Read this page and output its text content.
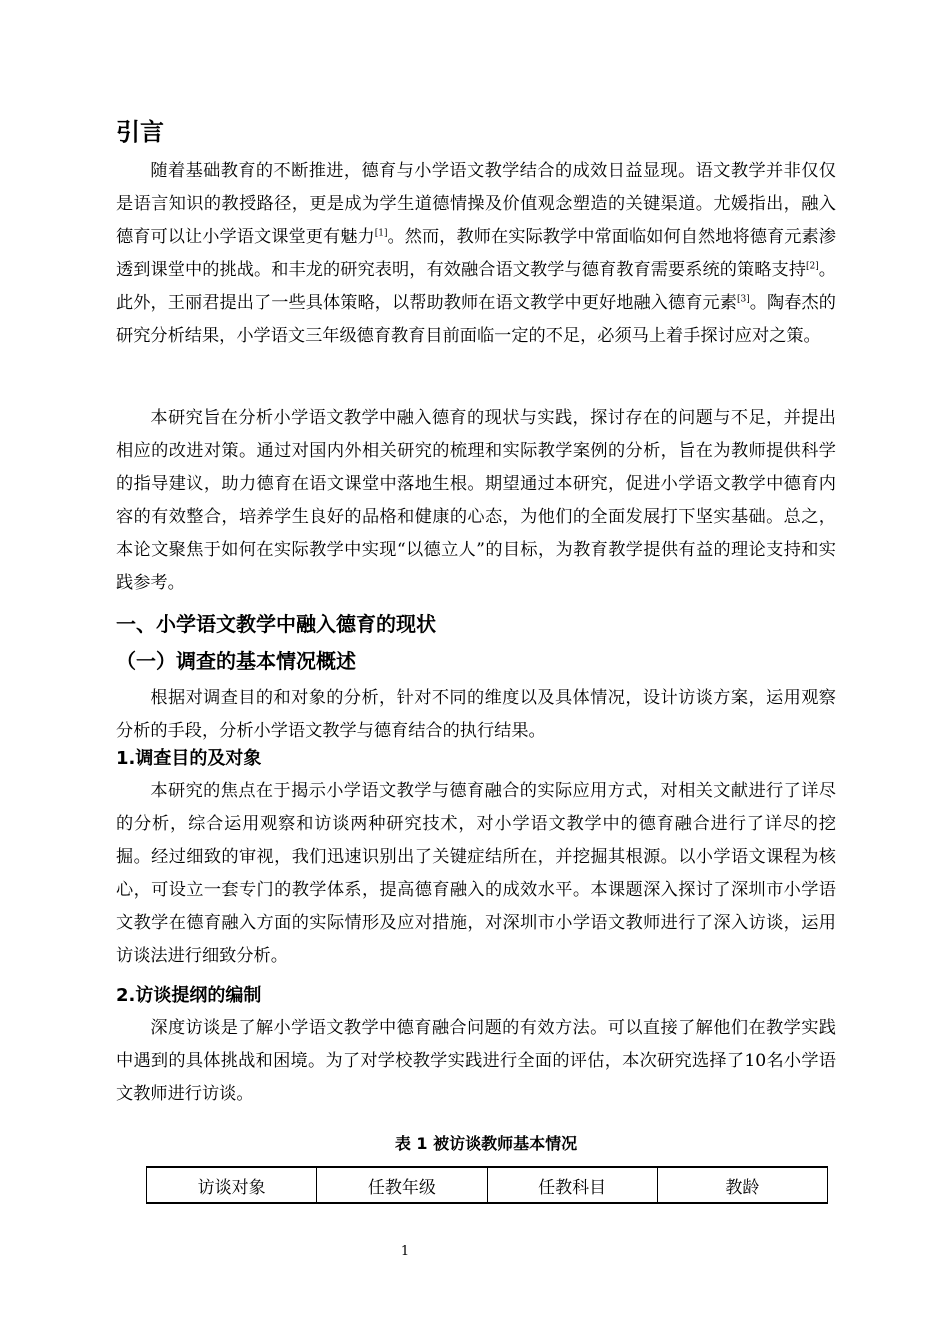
引言
随着基础教育的不断推进，德育与小学语文教学结合的成效日益显现。语文教学并非仅仅是语言知识的教授路径，更是成为学生道德情操及价值观念塑造的关键渠道。尤媛指出，融入德育可以让小学语文课堂更有魅力[1]。然而，教师在实际教学中常面临如何自然地将德育元素渗透到课堂中的挑战。和丰龙的研究表明，有效融合语文教学与德育教育需要系统的策略支持[2]。此外，王丽君提出了一些具体策略，以帮助教师在语文教学中更好地融入德育元素[3]。陶春杰的研究分析结果，小学语文三年级德育教育目前面临一定的不足，必须马上着手探讨应对之策。
本研究旨在分析小学语文教学中融入德育的现状与实践，探讨存在的问题与不足，并提出相应的改进对策。通过对国内外相关研究的梳理和实际教学案例的分析，旨在为教师提供科学的指导建议，助力德育在语文课堂中落地生根。期望通过本研究，促进小学语文教学中德育内容的有效整合，培养学生良好的品格和健康的心态，为他们的全面发展打下坚实基础。总之，本论文聚焦于如何在实际教学中实现“以德立人”的目标，为教育教学提供有益的理论支持和实践参考。
一、小学语文教学中融入德育的现状
（一）调查的基本情况概述
根据对调查目的和对象的分析，针对不同的维度以及具体情况，设计访谈方案，运用观察分析的手段，分析小学语文教学与德育结合的执行结果。
1.调查目的及对象
本研究的焦点在于揭示小学语文教学与德育融合的实际应用方式，对相关文献进行了详尽的分析，综合运用观察和访谈两种研究技术，对小学语文教学中的德育融合进行了详尽的挖掘。经过细致的审视，我们迅速识别出了关键症结所在，并挖掘其根源。以小学语文课程为核心，可设立一套专门的教学体系，提高德育融入的成效水平。本课题深入探讨了深圳市小学语文教学在德育融入方面的实际情形及应对措施，对深圳市小学语文教师进行了深入访谈，运用访谈法进行细致分析。
2.访谈提纲的编制
深度访谈是了解小学语文教学中德育融合问题的有效方法。可以直接了解他们在教学实践中遇到的具体挑战和困境。为了对学校教学实践进行全面的评估，本次研究选择了10名小学语文教师进行访谈。
表 1 被访谈教师基本情况
访谈对象	任教年级	任教科目	教龄
1
